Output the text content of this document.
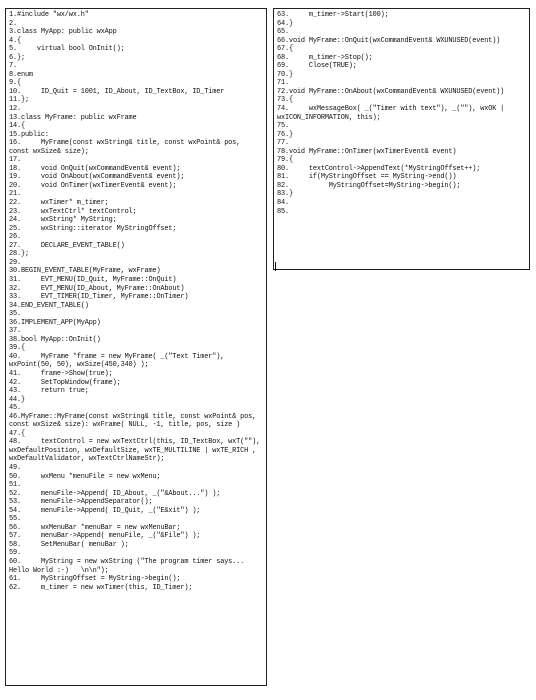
1.#include "wx/wx.h"
2.
3.class MyApp: public wxApp
4.{
5.     virtual bool OnInit();
6.};
7.
8.enum
9.{
10.     ID_Quit = 1001, ID_About, ID_TextBox, ID_Timer
11.};
12.
13.class MyFrame: public wxFrame
14.{
15.public:
16.     MyFrame(const wxString& title, const wxPoint& pos, const wxSize& size);
17.
18.     void OnQuit(wxCommandEvent& event);
19.     void OnAbout(wxCommandEvent& event);
20.     void OnTimer(wxTimerEvent& event);
21.
22.     wxTimer* m_timer;
23.     wxTextCtrl* textControl;
24.     wxString* MyString;
25.     wxString::iterator MyStringOffset;
26.
27.     DECLARE_EVENT_TABLE()
28.};
29.
30.BEGIN_EVENT_TABLE(MyFrame, wxFrame)
31.     EVT_MENU(ID_Quit, MyFrame::OnQuit)
32.     EVT_MENU(ID_About, MyFrame::OnAbout)
33.     EVT_TIMER(ID_Timer, MyFrame::OnTimer)
34.END_EVENT_TABLE()
35.
36.IMPLEMENT_APP(MyApp)
37.
38.bool MyApp::OnInit()
39.{
40.     MyFrame *frame = new MyFrame( _("Text Timer"), wxPoint(50, 50), wxSize(450,340) );
41.     frame->Show(true);
42.     SetTopWindow(frame);
43.     return true;
44.}
45.
46.MyFrame::MyFrame(const wxString& title, const wxPoint& pos, const wxSize& size): wxFrame( NULL, -1, title, pos, size )
47.{
48.     textControl = new wxTextCtrl(this, ID_TextBox, wxT(""), wxDefaultPosition, wxDefaultSize, wxTE_MULTILINE | wxTE_RICH , wxDefaultValidator, wxTextCtrlNameStr);
49.
50.     wxMenu *menuFile = new wxMenu;
51.
52.     menuFile->Append( ID_About, _("&About...") );
53.     menuFile->AppendSeparator();
54.     menuFile->Append( ID_Quit, _("E&xit") );
55.
56.     wxMenuBar *menuBar = new wxMenuBar;
57.     menuBar->Append( menuFile, _("&File") );
58.     SetMenuBar( menuBar );
59.
60.     MyString = new wxString ("The program timer says... Hello World :-)   \n\n");
61.     MyStringOffset = MyString->begin();
62.     m_timer = new wxTimer(this, ID_Timer);
63.     m_timer->Start(100);
64.}
65.
66.void MyFrame::OnQuit(wxCommandEvent& WXUNUSED(event))
67.{
68.     m_timer->Stop();
69.     Close(TRUE);
70.}
71.
72.void MyFrame::OnAbout(wxCommandEvent& WXUNUSED(event))
73.{
74.     wxMessageBox( _("Timer with text"), _(""), wxOK | wxICON_INFORMATION, this);
75.
76.}
77.
78.void MyFrame::OnTimer(wxTimerEvent& event)
79.{
80.     textControl->AppendText(*MyStringOffset++);
81.     if(MyStringOffset == MyString->end())
82.          MyStringOffset=MyString->begin();
83.}
84.
85.
